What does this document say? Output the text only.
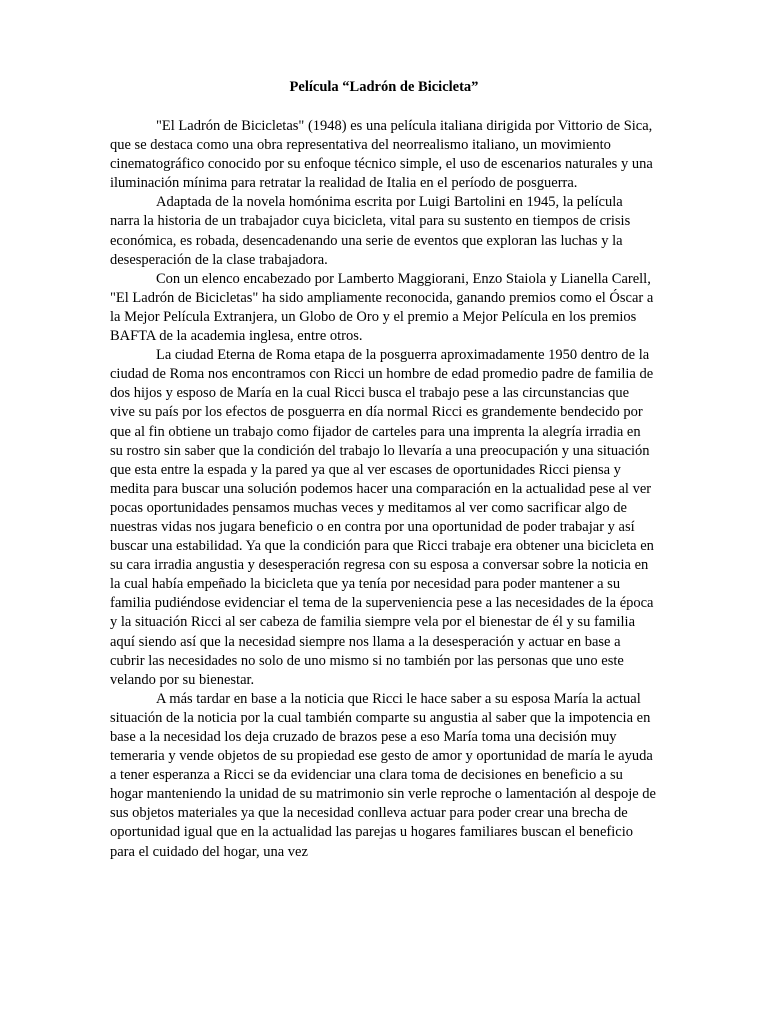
Película “Ladrón de Bicicleta”

"El Ladrón de Bicicletas" (1948) es una película italiana dirigida por Vittorio de Sica, que se destaca como una obra representativa del neorrealismo italiano, un movimiento cinematográfico conocido por su enfoque técnico simple, el uso de escenarios naturales y una iluminación mínima para retratar la realidad de Italia en el período de posguerra.

Adaptada de la novela homónima escrita por Luigi Bartolini en 1945, la película narra la historia de un trabajador cuya bicicleta, vital para su sustento en tiempos de crisis económica, es robada, desencadenando una serie de eventos que exploran las luchas y la desesperación de la clase trabajadora.

Con un elenco encabezado por Lamberto Maggiorani, Enzo Staiola y Lianella Carell, "El Ladrón de Bicicletas" ha sido ampliamente reconocida, ganando premios como el Óscar a la Mejor Película Extranjera, un Globo de Oro y el premio a Mejor Película en los premios BAFTA de la academia inglesa, entre otros.

La ciudad Eterna de Roma etapa de la posguerra aproximadamente 1950 dentro de la ciudad de Roma nos encontramos con Ricci un hombre de edad promedio padre de familia de dos hijos y esposo de María en la cual Ricci busca el trabajo pese a las circunstancias que vive su país por los efectos de posguerra en día normal Ricci es grandemente bendecido por que al fin obtiene un trabajo como fijador de carteles para una imprenta la alegría irradia en su rostro sin saber que la condición del trabajo lo llevaría a una preocupación y una situación que esta entre la espada y la pared ya que al ver escases de oportunidades Ricci piensa y medita para buscar una solución podemos hacer una comparación en la actualidad pese al ver pocas oportunidades pensamos muchas veces y meditamos al ver como sacrificar algo de nuestras vidas nos jugara beneficio o en contra por una oportunidad de poder trabajar y así buscar una estabilidad. Ya que la condición para que Ricci trabaje era obtener una bicicleta en su cara irradia angustia y desesperación regresa con su esposa a conversar sobre la noticia en la cual había empeñado la bicicleta que ya tenía por necesidad para poder mantener a su familia pudiéndose evidenciar el tema de la superveniencia pese a las necesidades de la época y la situación Ricci al ser cabeza de familia siempre vela por el bienestar de él y su familia aquí siendo así que la necesidad siempre nos llama a la desesperación y actuar en base a cubrir las necesidades no solo de uno mismo si no también por las personas que uno este velando por su bienestar.

A más tardar en base a la noticia que Ricci le hace saber a su esposa María la actual situación de la noticia por la cual también comparte su angustia al saber que la impotencia en base a la necesidad los deja cruzado de brazos pese a eso María toma una decisión muy temeraria y vende objetos de su propiedad ese gesto de amor y oportunidad de maría le ayuda a tener esperanza a Ricci se da evidenciar una clara toma de decisiones en beneficio a su hogar manteniendo la unidad de su matrimonio sin verle reproche o lamentación al despoje de sus objetos materiales ya que la necesidad conlleva actuar para poder crear una brecha de oportunidad igual que en la actualidad las parejas u hogares familiares buscan el beneficio para el cuidado del hogar, una vez
